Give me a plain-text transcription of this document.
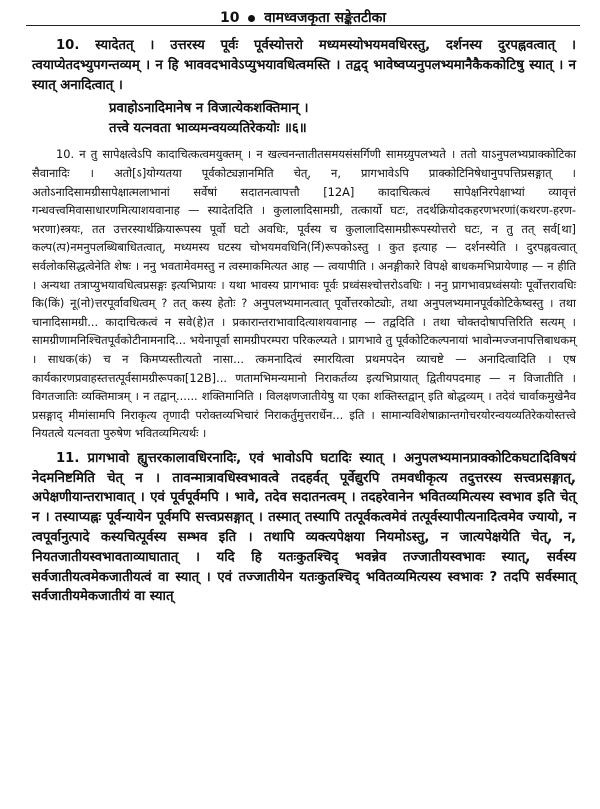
10 वामध्वजकृता सङ्केतटीका

10. स्यादेतत् । उत्तरस्य पूर्वः पूर्वस्योत्तरो मध्यमस्योभयमवधिरस्तु, दर्शनस्य दुरपह्नवत्वात् । त्वयाप्येतदभ्युपगन्तव्यम् । न हि भाववदभावेऽप्युभयावधित्वमस्ति । तद्वद् भावेष्वप्यनुपलभ्यमानैकैककोटिषु स्यात् । न स्यात् अनादित्वात् ।

प्रवाहोऽनादिमानेष न विजात्येकशक्तिमान् ।
तत्त्वे यत्नवता भाव्यमन्वयव्यतिरेकयोः ॥६॥

10. न तु सापेक्षत्वेऽपि कादाचित्कत्वमयुक्तम् । न खल्वनन्तातीतसमयसंसर्गिणी सामग्र्युपलभ्यते । ततो याऽनुपलभ्यप्राक्कोटिका सैवानादिः । अतो[ऽ]योग्यतया पूर्वकोट्यज्ञानमिति चेत्, न, प्रागभावेऽपि प्राक्कोटिनिषेधानुपपत्तिप्रसङ्गात् । अतोऽनादिसामग्रीसापेक्षात्मलाभानां सर्वेषां सदातनत्वापत्तौ [12A] कादाचित्कत्वं सापेक्षनिरपेक्षाभ्यां व्यावृत्तं गन्धवत्त्वमिवासाधारणमित्याशयवानाह — स्यादेतदिति । कुलालादिसामग्री, तत्कार्यो घटः, तदर्थक्रियोदकहरणभरणां(कथरण-हरण-भरणा)स्त्रयः, तत उत्तरस्यार्थक्रियारूपस्य पूर्वो घटो अवधिः, पूर्वस्य च कुलालादिसामग्रीरूपस्योत्तरो घटः, न तु तत् सर्व[था] कल्प(त्प)नमनुपलब्धिबाधितत्वात्, मध्यमस्य घटस्य चोभयमवधिनि(र्नि)रूपकोऽस्तु । कुत इत्याह — दर्शनस्येति । दुरपह्नवत्वात् सर्वलोकसिद्धत्वेनेति शेषः । ननु भवतामेवमस्तु न त्वस्माकमित्यत आह — त्वयापीति । अनङ्गीकारे विपक्षे बाधकमभिप्रायेणाह — न हीति । अन्यथा तत्राप्युभयावधित्वप्रसङ्गः इत्यभिप्रायः । यथा भावस्य प्रागभावः पूर्वः प्रध्वंसश्चोत्तरोऽवधिः । ननु प्रागभावप्रध्वंसयोः पूर्वोत्तरावधिः कि(किं) नू(नो)त्तरपूर्वावधित्वम् ? तत् कस्य हेतोः ? अनुपलभ्यमानत्वात् पूर्वोत्तरकोट्योः, तथा अनुपलभ्यमानपूर्वकोटिकेष्वस्तु । तथा चानादिसामग्री... कादाचित्कत्वं न सवे(हे)त । प्रकारान्तराभावादित्याशयवानाह — तद्वदिति । तथा चोक्तदोषापत्तिरिति सत्यम् । सामग्रीणामनिश्चितपूर्वकोटीनामनादि... भयेनापूर्वा सामग्रीपरम्परा परिकल्प्यते । प्रागभावे तु पूर्वकोटिकल्पनायां भावोन्मज्जनापत्तिबाधकम् । साधक(कं) च न किमप्यस्तीत्यतो नासा... त्कमनादित्वं स्मारयित्वा प्रथमपदेन व्याचष्टे — अनादित्वादिति । एष कार्यकारणप्रवाहस्तत्तत्पूर्वसामग्रीरूपका[12B]... णतामभिमन्यमानो निराकर्तव्य इत्यभिप्रायात् द्वितीयपदमाह — न विजातीति । विगतजातिः व्यक्तिमात्रम् । न तद्वान्...... शक्तिमानिति । विलक्षणजातीयेषु या एका शक्तिस्तद्वान् इति बोद्धव्यम् । तदेवं चार्वाकमुखेनैव प्रसङ्गाद् मीमांसामपि निराकृत्य तृणादी परोक्तव्यभिचारं निराकर्तुमुत्तरार्धेन... इति । सामान्यविशेषाक्रान्तगोचरयोरन्वयव्यतिरेकयोस्तत्त्वे नियतत्वे यत्नवता पुरुषेण भवितव्यमित्यर्थः ।

11. प्रागभावो ह्युत्तरकालावधिरनादिः, एवं भावोऽपि घटादिः स्यात् । अनुपलभ्यमानप्राक्कोटिकघटादिविषयं नेदमनिष्टमिति चेत् न । तावन्मात्रावधिस्वभावत्वे तदहर्वत् पूर्वेद्युरपि तमवधीकृत्य तदुत्तरस्य सत्त्वप्रसङ्गात्, अपेक्षणीयान्तराभावात् । एवं पूर्वपूर्वमपि । भावे, तदेव सदातनत्वम् । तदहरेवानेन भवितव्यमित्यस्य स्वभाव इति चेत् न । तस्याप्यह्नः पूर्वन्यायेन पूर्वमपि सत्त्वप्रसङ्गात् । तस्मात् तस्यापि तत्पूर्वकत्वमेवं तत्पूर्वस्यापीत्यनादित्वमेव ज्यायो, न त्वपूर्वानुत्पादे कस्यचित्पूर्वस्य सम्भव इति । तथापि व्यक्त्यपेक्षया नियमोऽस्तु, न जात्यपेक्षयेति चेत्, न, नियतजातीयस्वभावताव्याघातात् । यदि हि यतःकुतश्चिद् भवन्नेव तज्जातीयस्वभावः स्यात्, सर्वस्य सर्वजातीयत्वमेकजातीयत्वं वा स्यात् । एवं तज्जातीयेन यतःकुतश्चिद् भवितव्यमित्यस्य स्वभावः ? तदपि सर्वस्मात् सर्वजातीयमेकजातीयं वा स्यात्
